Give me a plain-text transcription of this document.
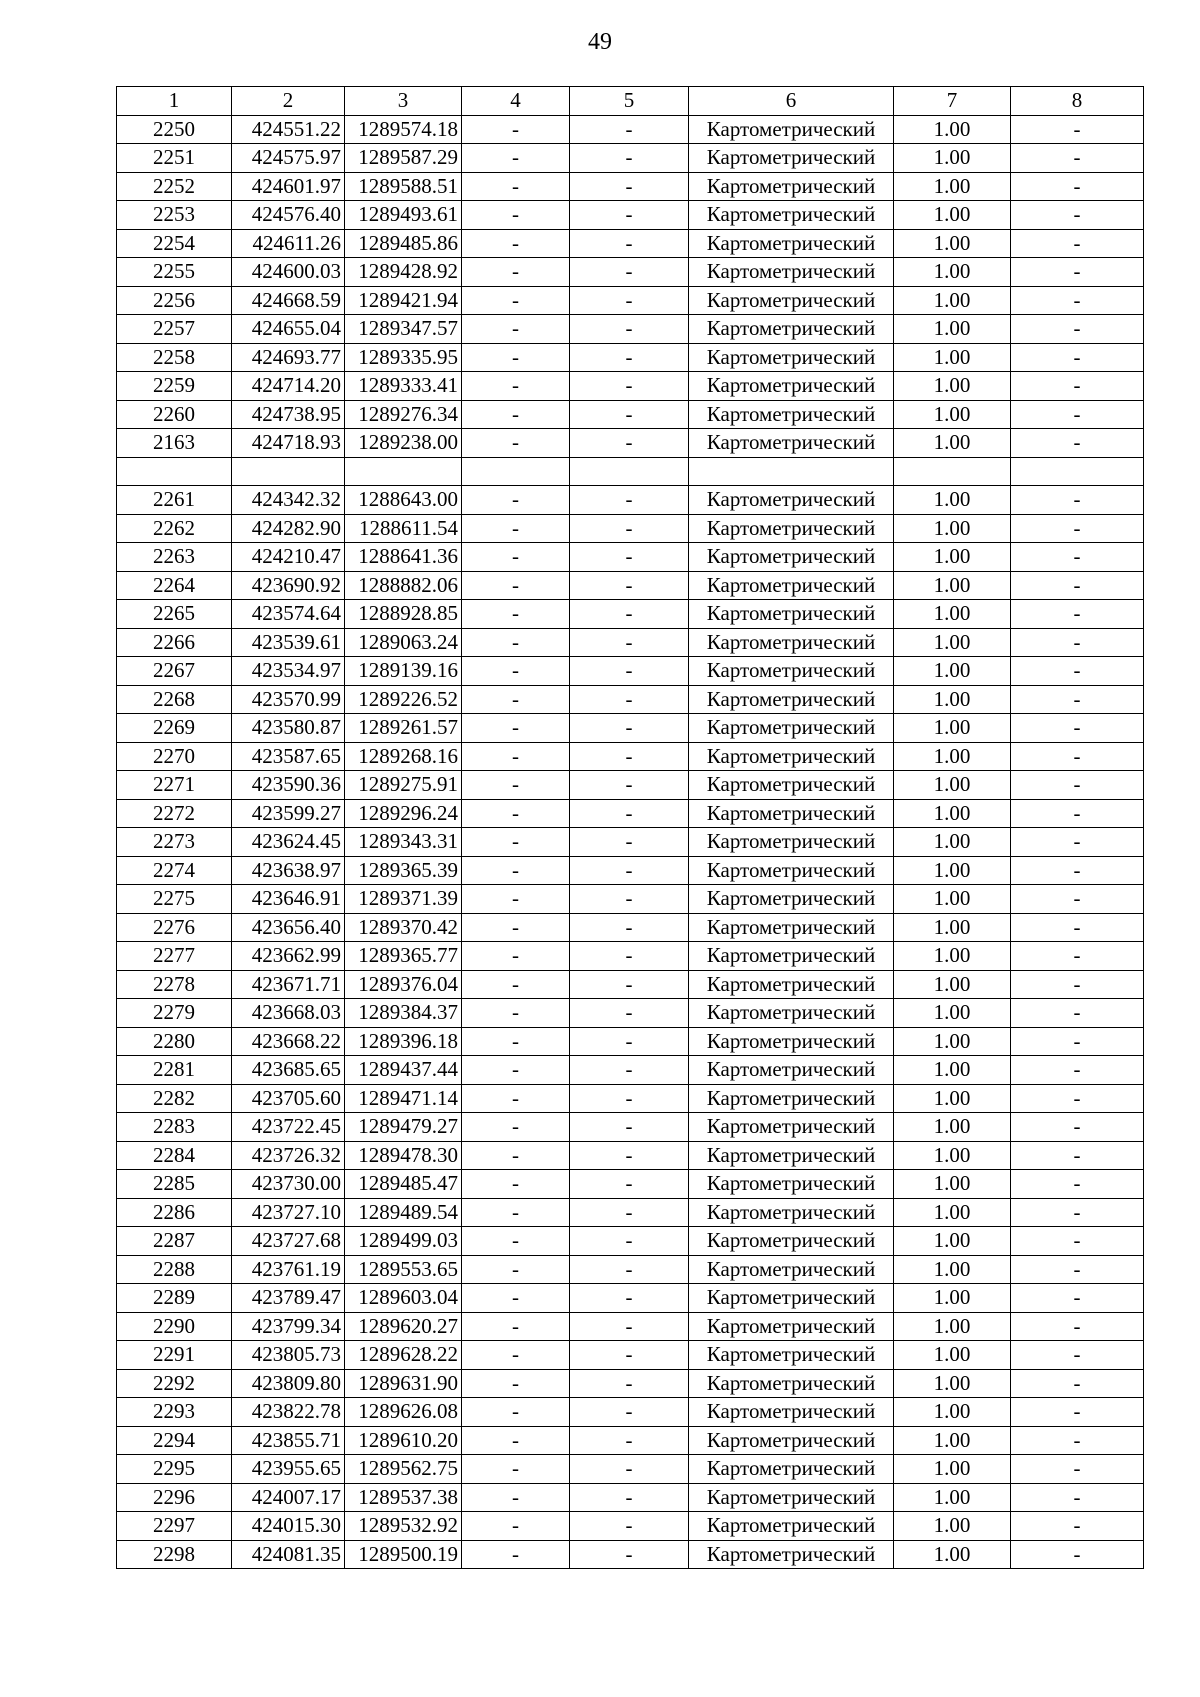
49
1	2	3	4	5	6	7	8
2250	424551.22	1289574.18	-	-	Картометрический	1.00	-
2251	424575.97	1289587.29	-	-	Картометрический	1.00	-
2252	424601.97	1289588.51	-	-	Картометрический	1.00	-
2253	424576.40	1289493.61	-	-	Картометрический	1.00	-
2254	424611.26	1289485.86	-	-	Картометрический	1.00	-
2255	424600.03	1289428.92	-	-	Картометрический	1.00	-
2256	424668.59	1289421.94	-	-	Картометрический	1.00	-
2257	424655.04	1289347.57	-	-	Картометрический	1.00	-
2258	424693.77	1289335.95	-	-	Картометрический	1.00	-
2259	424714.20	1289333.41	-	-	Картометрический	1.00	-
2260	424738.95	1289276.34	-	-	Картометрический	1.00	-
2163	424718.93	1289238.00	-	-	Картометрический	1.00	-

2261	424342.32	1288643.00	-	-	Картометрический	1.00	-
2262	424282.90	1288611.54	-	-	Картометрический	1.00	-
2263	424210.47	1288641.36	-	-	Картометрический	1.00	-
2264	423690.92	1288882.06	-	-	Картометрический	1.00	-
2265	423574.64	1288928.85	-	-	Картометрический	1.00	-
2266	423539.61	1289063.24	-	-	Картометрический	1.00	-
2267	423534.97	1289139.16	-	-	Картометрический	1.00	-
2268	423570.99	1289226.52	-	-	Картометрический	1.00	-
2269	423580.87	1289261.57	-	-	Картометрический	1.00	-
2270	423587.65	1289268.16	-	-	Картометрический	1.00	-
2271	423590.36	1289275.91	-	-	Картометрический	1.00	-
2272	423599.27	1289296.24	-	-	Картометрический	1.00	-
2273	423624.45	1289343.31	-	-	Картометрический	1.00	-
2274	423638.97	1289365.39	-	-	Картометрический	1.00	-
2275	423646.91	1289371.39	-	-	Картометрический	1.00	-
2276	423656.40	1289370.42	-	-	Картометрический	1.00	-
2277	423662.99	1289365.77	-	-	Картометрический	1.00	-
2278	423671.71	1289376.04	-	-	Картометрический	1.00	-
2279	423668.03	1289384.37	-	-	Картометрический	1.00	-
2280	423668.22	1289396.18	-	-	Картометрический	1.00	-
2281	423685.65	1289437.44	-	-	Картометрический	1.00	-
2282	423705.60	1289471.14	-	-	Картометрический	1.00	-
2283	423722.45	1289479.27	-	-	Картометрический	1.00	-
2284	423726.32	1289478.30	-	-	Картометрический	1.00	-
2285	423730.00	1289485.47	-	-	Картометрический	1.00	-
2286	423727.10	1289489.54	-	-	Картометрический	1.00	-
2287	423727.68	1289499.03	-	-	Картометрический	1.00	-
2288	423761.19	1289553.65	-	-	Картометрический	1.00	-
2289	423789.47	1289603.04	-	-	Картометрический	1.00	-
2290	423799.34	1289620.27	-	-	Картометрический	1.00	-
2291	423805.73	1289628.22	-	-	Картометрический	1.00	-
2292	423809.80	1289631.90	-	-	Картометрический	1.00	-
2293	423822.78	1289626.08	-	-	Картометрический	1.00	-
2294	423855.71	1289610.20	-	-	Картометрический	1.00	-
2295	423955.65	1289562.75	-	-	Картометрический	1.00	-
2296	424007.17	1289537.38	-	-	Картометрический	1.00	-
2297	424015.30	1289532.92	-	-	Картометрический	1.00	-
2298	424081.35	1289500.19	-	-	Картометрический	1.00	-
